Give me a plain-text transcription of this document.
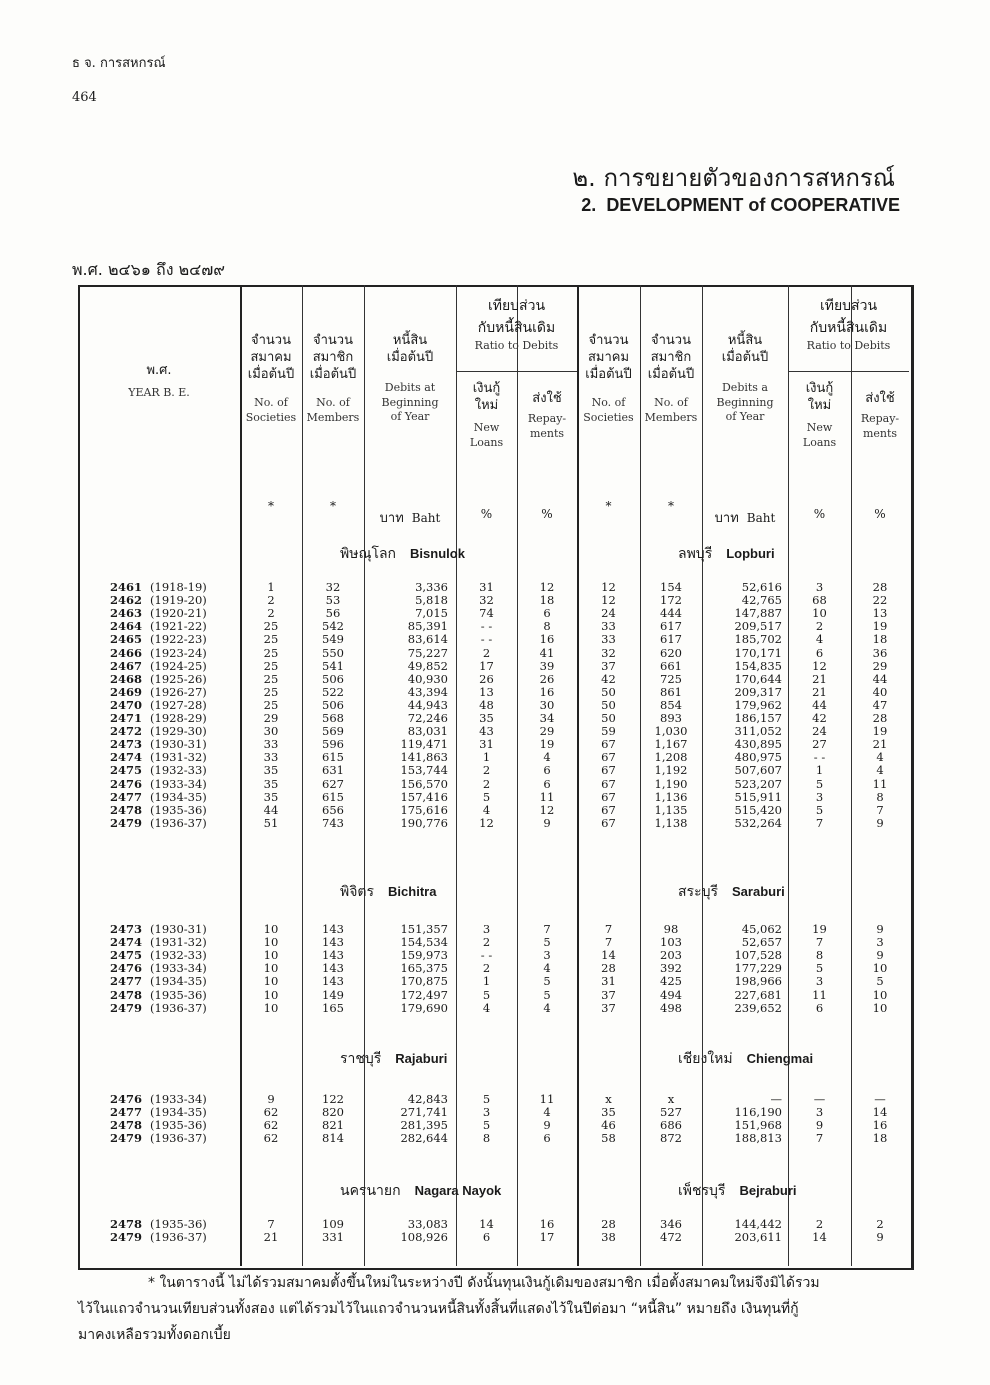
ธ จ. การสหกรณ์
464
๒. การขยายตัวของการสหกรณ์
2. DEVELOPMENT of COOPERATIVE
พ.ศ. ๒๔๖๑ ถึง ๒๔๗๙
พ.ศ.
YEAR B. E.
จำนวน
สมาคม
เมื่อต้นปี
No. of
Societies
จำนวน
สมาชิก
เมื่อต้นปี
No. of
Members
หนี้สิน
เมื่อต้นปี
Debits at
Beginning
of Year
เทียบส่วน
กับหนี้สินเดิม
Ratio to Debits
เงินกู้
ใหม่
New
Loans
ส่งใช้
Repay-
ments
จำนวน
สมาคม
เมื่อต้นปี
No. of
Societies
จำนวน
สมาชิก
เมื่อต้นปี
No. of
Members
หนี้สิน
เมื่อต้นปี
Debits a
Beginning
of Year
เทียบส่วน
กับหนี้สินเดิม
Ratio to Debits
เงินกู้
ใหม่
New
Loans
ส่งใช้
Repay-
ments
*	*
บาท Baht	%	%
*	*
บาท Baht	%	%
พิษณุโลก Bisnulok	ลพบุรี Lopburi
2461 (1918-19)	1	32	3,336	31	12	12	154	52,616	3	28
2462 (1919-20)	2	53	5,818	32	18	12	172	42,765	68	22
2463 (1920-21)	2	56	7,015	74	6	24	444	147,887	10	13
2464 (1921-22)	25	542	85,391	- -	8	33	617	209,517	2	19
2465 (1922-23)	25	549	83,614	- -	16	33	617	185,702	4	18
2466 (1923-24)	25	550	75,227	2	41	32	620	170,171	6	36
2467 (1924-25)	25	541	49,852	17	39	37	661	154,835	12	29
2468 (1925-26)	25	506	40,930	26	26	42	725	170,644	21	44
2469 (1926-27)	25	522	43,394	13	16	50	861	209,317	21	40
2470 (1927-28)	25	506	44,943	48	30	50	854	179,962	44	47
2471 (1928-29)	29	568	72,246	35	34	50	893	186,157	42	28
2472 (1929-30)	30	569	83,031	43	29	59	1,030	311,052	24	19
2473 (1930-31)	33	596	119,471	31	19	67	1,167	430,895	27	21
2474 (1931-32)	33	615	141,863	1	4	67	1,208	480,975	- -	4
2475 (1932-33)	35	631	153,744	2	6	67	1,192	507,607	1	4
2476 (1933-34)	35	627	156,570	2	6	67	1,190	523,207	5	11
2477 (1934-35)	35	615	157,416	5	11	67	1,136	515,911	3	8
2478 (1935-36)	44	656	175,616	4	12	67	1,135	515,420	5	7
2479 (1936-37)	51	743	190,776	12	9	67	1,138	532,264	7	9
พิจิตร Bichitra	สระบุรี Saraburi
2473 (1930-31)	10	143	151,357	3	7	7	98	45,062	19	9
2474 (1931-32)	10	143	154,534	2	5	7	103	52,657	7	3
2475 (1932-33)	10	143	159,973	- -	3	14	203	107,528	8	9
2476 (1933-34)	10	143	165,375	2	4	28	392	177,229	5	10
2477 (1934-35)	10	143	170,875	1	5	31	425	198,966	3	5
2478 (1935-36)	10	149	172,497	5	5	37	494	227,681	11	10
2479 (1936-37)	10	165	179,690	4	4	37	498	239,652	6	10
ราชบุรี Rajaburi	เชียงใหม่ Chiengmai
2476 (1933-34)	9	122	42,843	5	11	x	x	—	—	—
2477 (1934-35)	62	820	271,741	3	4	35	527	116,190	3	14
2478 (1935-36)	62	821	281,395	5	9	46	686	151,968	9	16
2479 (1936-37)	62	814	282,644	8	6	58	872	188,813	7	18
นครนายก Nagara Nayok	เพ็ชรบุรี Bejraburi
2478 (1935-36)	7	109	33,083	14	16	28	346	144,442	2	2
2479 (1936-37)	21	331	108,926	6	17	38	472	203,611	14	9
* ในตารางนี้ ไม่ได้รวมสมาคมตั้งขึ้นใหม่ในระหว่างปี ดังนั้นทุนเงินกู้เดิมของสมาชิก เมื่อตั้งสมาคมใหม่จึงมิได้รวม
ไว้ในแถวจำนวนเทียบส่วนทั้งสอง แต่ได้รวมไว้ในแถวจำนวนหนี้สินทั้งสิ้นที่แสดงไว้ในปีต่อมา “หนี้สิน” หมายถึง เงินทุนที่กู้
มาคงเหลือรวมทั้งดอกเบี้ย
